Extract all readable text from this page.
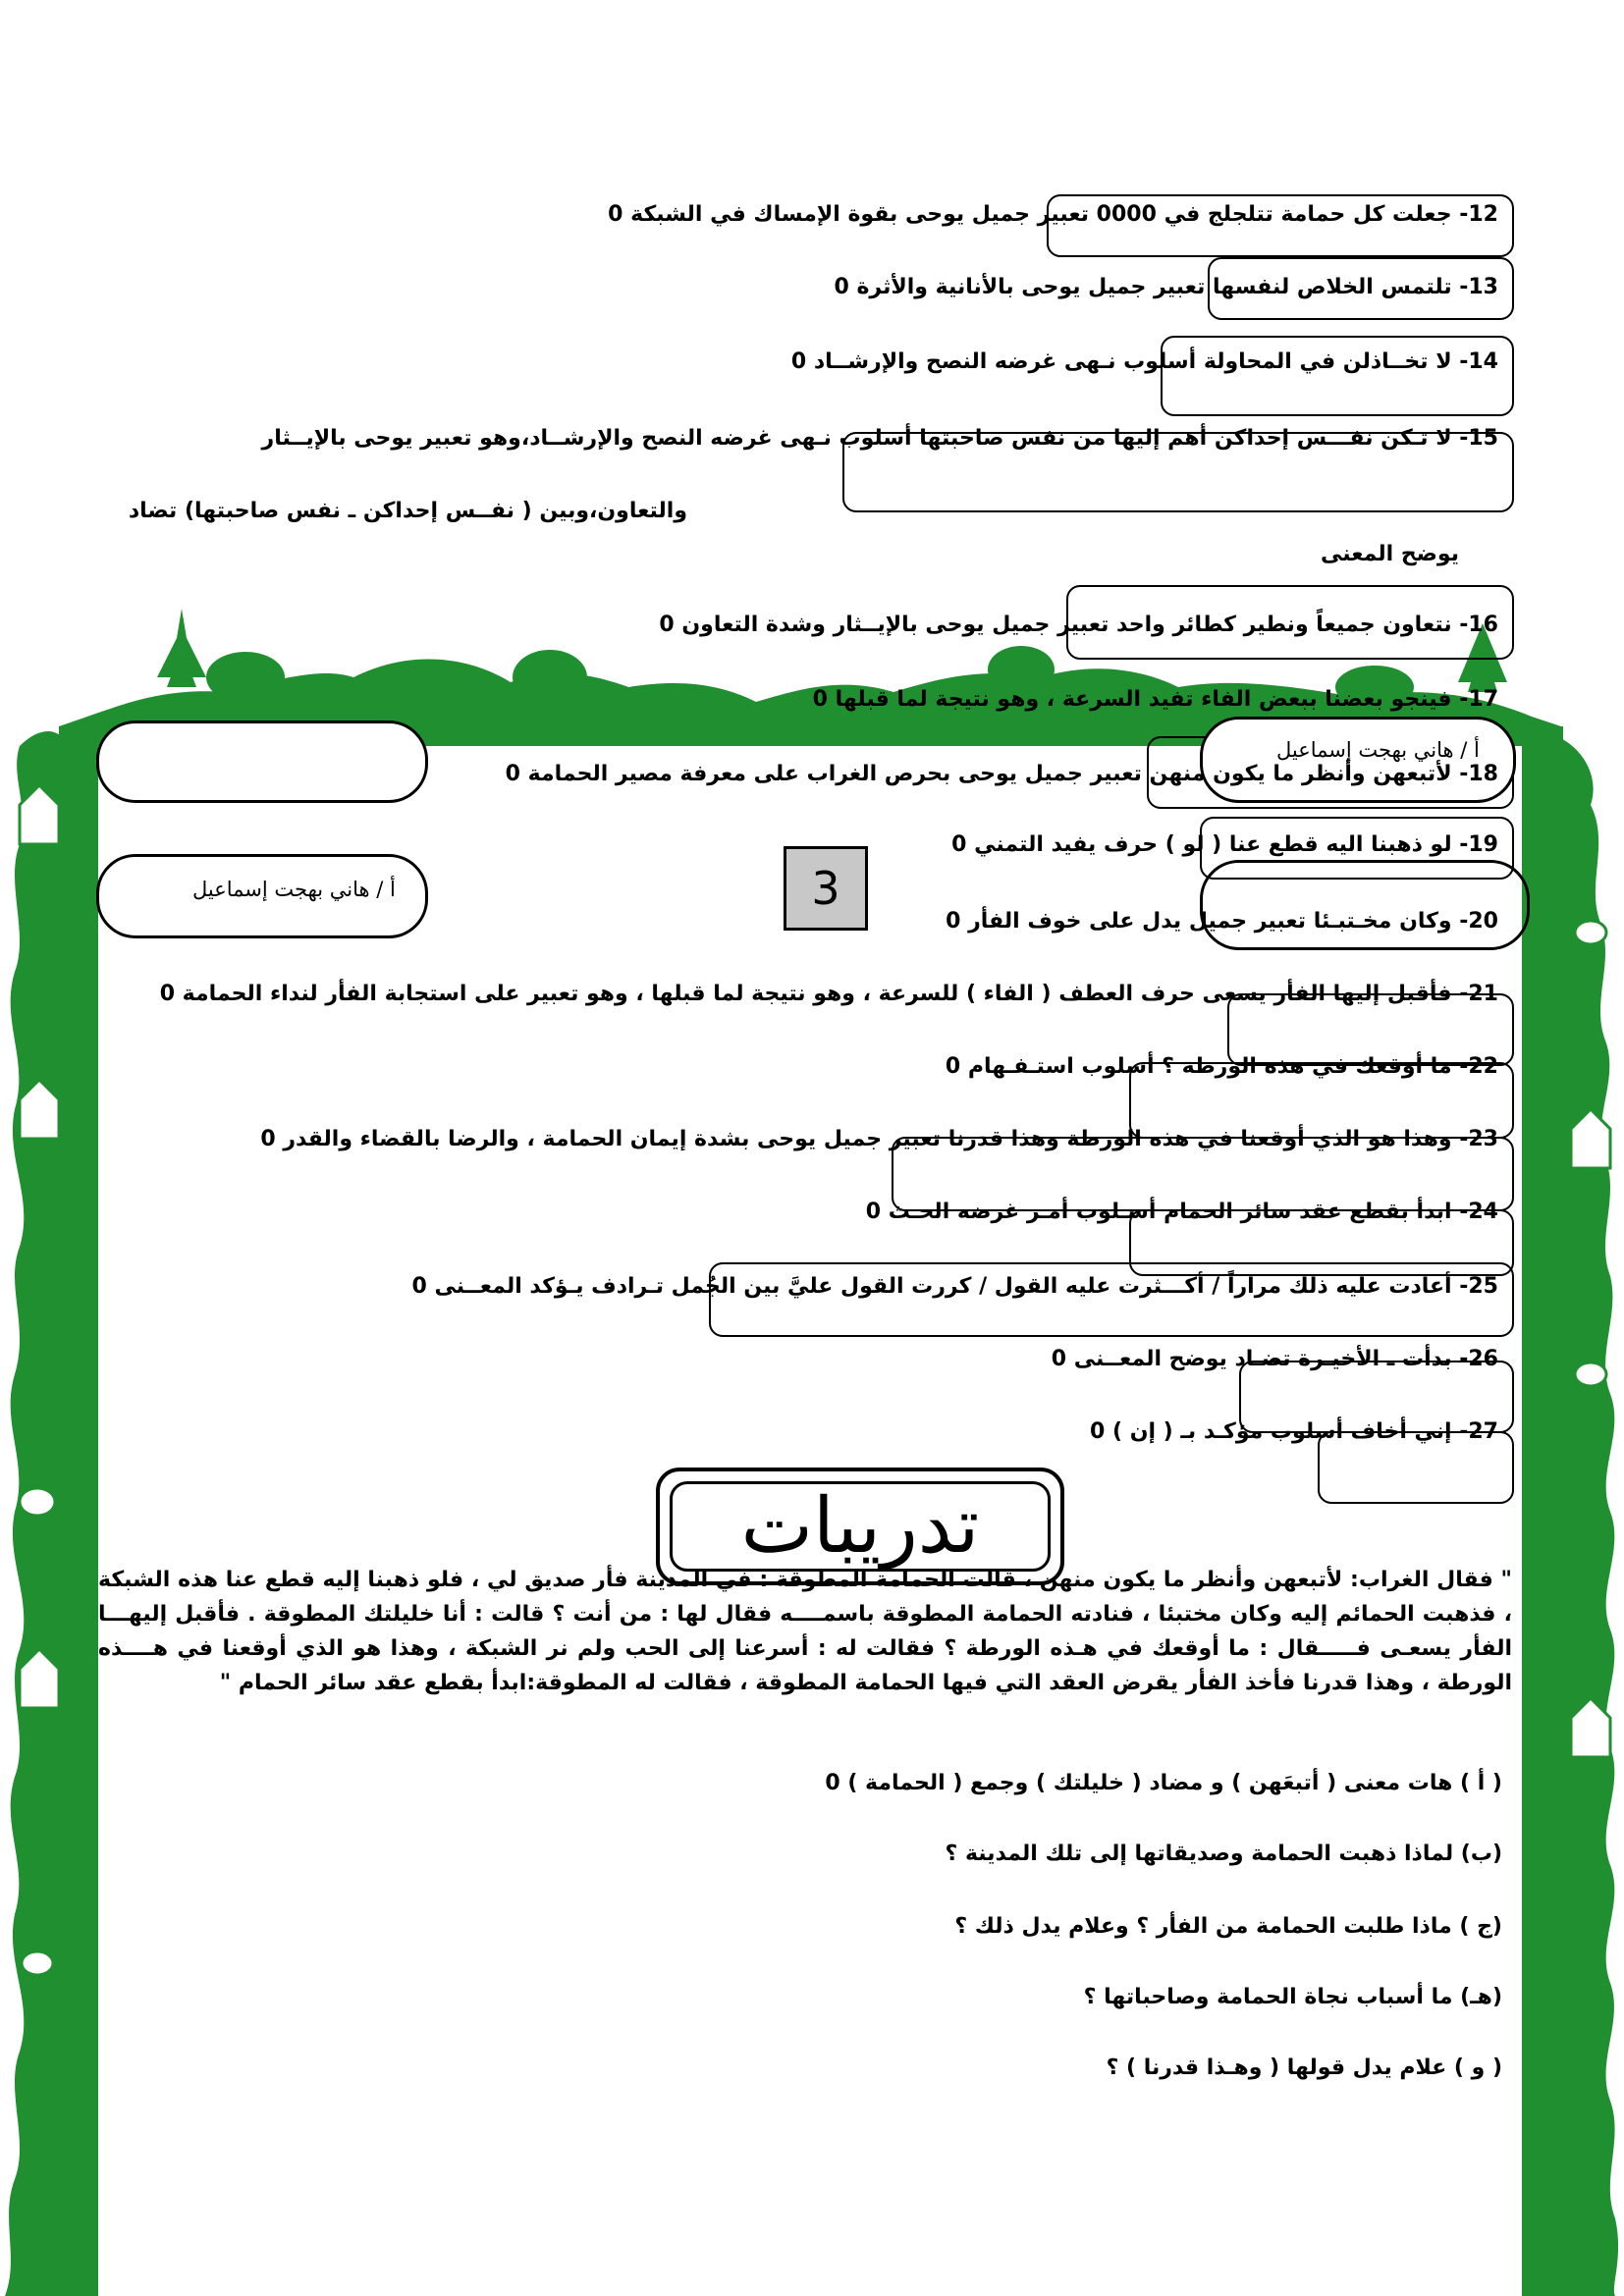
أ / هاني بهجت إسماعيل
أ / هاني بهجت إسماعيل	3
12- جعلت كل حمامة تتلجلج في 0000 تعبير جميل يوحى بقوة الإمساك في الشبكة 0
13- تلتمس الخلاص لنفسها تعبير جميل يوحى بالأنانية والأثرة 0
14- لا تخــاذلن في المحاولة أسلوب نـهى غرضه النصح والإرشــاد 0
15- لا تـكن نفـــس إحداكن أهم إليها من نفس صاحبتها أسلوب نـهى غرضه النصح والإرشــاد،وهو تعبير يوحى بالإيــثار
والتعاون،وبين ( نفــس إحداكن ـ نفس صاحبتها) تضاد
يوضح المعنى
16- نتعاون جميعاً ونطير كطائر واحد تعبير جميل يوحى بالإيــثار وشدة التعاون 0
17- فينجو بعضنا ببعض الفاء تفيد السرعة ، وهو نتيجة لما قبلها 0
18- لأتبعهن وأنظر ما يكون منهن تعبير جميل يوحى بحرص الغراب على معرفة مصير الحمامة 0
19- لو ذهبنا اليه قطع عنا ( لو ) حرف يفيد التمني 0
20- وكان مخـتبـئا تعبير جميل يدل على خوف الفأر 0
21- فأقبل إليها الفأر يسعى حرف العطف ( الفاء ) للسرعة ، وهو نتيجة لما قبلها ، وهو تعبير على استجابة الفأر لنداء الحمامة 0
22- ما أوقعك في هذه الورطة ؟ أسلوب استـفـهام 0
23- وهذا هو الذي أوقعنا في هذه الورطة وهذا قدرنا تعبير جميل يوحى بشدة إيمان الحمامة ، والرضا بالقضاء والقدر 0
24- ابدأ بقطع عقد سائر الحمام أسـلوب أمـر غرضه الحـث 0
25- أعادت عليه ذلك مراراً / أكـــثرت عليه القول / كررت القول عليَّ بين الجُمل تـرادف يـؤكد المعــنى 0
26- بدأت ـ الأخيـرة تضـاد يوضح المعــنى 0
27- إني أخاف أسلوب مؤكـد بـ ( إن ) 0
تدريبات
" فقال الغراب: لأتبعهن وأنظر ما يكون منهن ، قالت الحمامة المطوقة : في المدينة فأر صديق لي ، فلو ذهبنا إليه قطع عنا هذه الشبكة ، فذهبت الحمائم إليه وكان مختبئا ، فنادته الحمامة المطوقة باسمــــه فقال لها : من أنت ؟ قالت : أنا خليلتك المطوقة . فأقبل إليهـــا الفأر يسعـى فـــــقال : ما أوقعك في هـذه الورطة ؟ فقالت له : أسرعنا إلى الحب ولم نر الشبكة ، وهذا هو الذي أوقعنا في هــــذه الورطة ، وهذا قدرنا فأخذ الفأر يقرض العقد التي فيها الحمامة المطوقة ، فقالت له المطوقة:ابدأ بقطع عقد سائر الحمام "
( أ ) هات معنى ( أتبعَهن ) و مضاد ( خليلتك ) وجمع ( الحمامة ) 0
(ب) لماذا ذهبت الحمامة وصديقاتها إلى تلك المدينة ؟
(ج ) ماذا طلبت الحمامة من الفأر ؟ وعلام يدل ذلك ؟
(هـ) ما أسباب نجاة الحمامة وصاحباتها ؟
( و ) علام يدل قولها ( وهـذا قدرنا ) ؟
